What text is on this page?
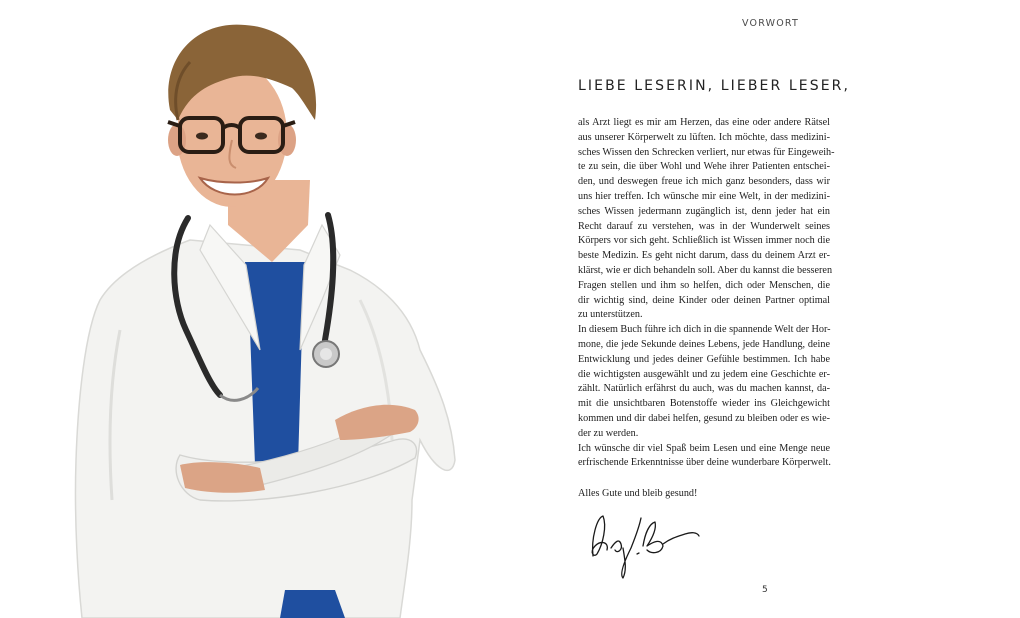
VORWORT
LIEBE LESERIN, LIEBER LESER,
als Arzt liegt es mir am Herzen, das eine oder andere Rätsel
aus unserer Körperwelt zu lüften. Ich möchte, dass medizini-
sches Wissen den Schrecken verliert, nur etwas für Eingeweih-
te zu sein, die über Wohl und Wehe ihrer Patienten entschei-
den, und deswegen freue ich mich ganz besonders, dass wir
uns hier treffen. Ich wünsche mir eine Welt, in der medizini-
sches Wissen jedermann zugänglich ist, denn jeder hat ein
Recht darauf zu verstehen, was in der Wunderwelt seines
Körpers vor sich geht. Schließlich ist Wissen immer noch die
beste Medizin. Es geht nicht darum, dass du deinem Arzt er-
klärst, wie er dich behandeln soll. Aber du kannst die besseren
Fragen stellen und ihm so helfen, dich oder Menschen, die
dir wichtig sind, deine Kinder oder deinen Partner optimal
zu unterstützen.
In diesem Buch führe ich dich in die spannende Welt der Hor-
mone, die jede Sekunde deines Lebens, jede Handlung, deine
Entwicklung und jedes deiner Gefühle bestimmen. Ich habe
die wichtigsten ausgewählt und zu jedem eine Geschichte er-
zählt. Natürlich erfährst du auch, was du machen kannst, da-
mit die unsichtbaren Botenstoffe wieder ins Gleichgewicht
kommen und dir dabei helfen, gesund zu bleiben oder es wie-
der zu werden.
Ich wünsche dir viel Spaß beim Lesen und eine Menge neue
erfrischende Erkenntnisse über deine wunderbare Körperwelt.
Alles Gute und bleib gesund!
5
